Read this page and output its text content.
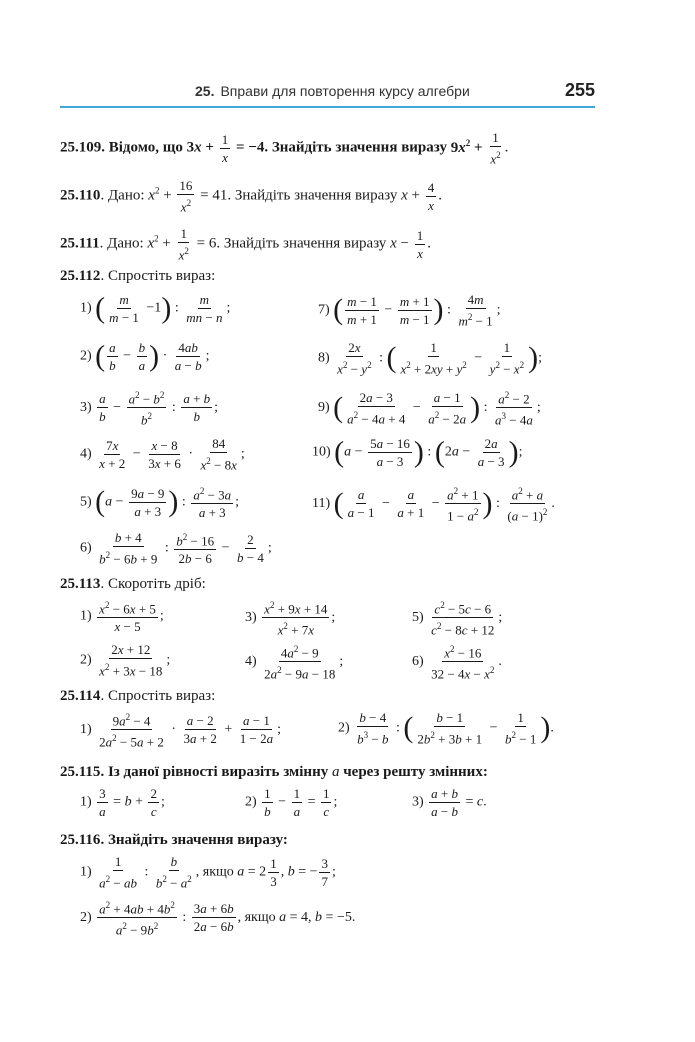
25. Вправи для повторення курсу алгебри	255
25.109. Відомо, що $3x + \frac{1}{x} = -4$. Знайдіть значення виразу $9x^2 + \frac{1}{x^2}$ .
25.110. Дано: $x^2 + \frac{16}{x^2} = 41$. Знайдіть значення виразу $x + \frac{4}{x}$ .
25.111. Дано: $x^2 + \frac{1}{x^2} = 6$. Знайдіть значення виразу $x - \frac{1}{x}$ .
25.112. Спростіть вираз:
1) ( $\frac{m}{m - 1} -1$) : $\frac{m}{mn - n}$ ;	7) ( $\frac{m - 1}{m + 1} - \frac{m + 1}{m - 1}$ ) : $\frac{4m}{m^2 - 1}$ ;
2) ( $\frac{a}{b} - \frac{b}{a}$ ) · $\frac{4ab}{a - b}$ ;	$8) \frac{2x}{x^2 - y^2}$ : ( $\frac{1}{x^2 + 2xy + y^2} - \frac{1}{y^2 - x^2}$ );
$3) \frac{a}{b} - \frac{a^2 - b^2}{b^2}$ : $\frac{a + b}{b}$ ;	9) ( $\frac{2a - 3}{a^2 - 4a + 4} - \frac{a - 1}{a^2 - 2a}$ ) : $\frac{a^2 - 2}{a^3 - 4a}$ ;
$4) \frac{7x}{x + 2} - \frac{x - 8}{3x + 6} \cdot \frac{84}{x^2 - 8x}$ ;	10) ($a - \frac{5a - 16}{a - 3}$ ) : ($2a - \frac{2a}{a - 3}$ );
5) ($a - \frac{9a - 9}{a + 3}$ ) : $\frac{a^2 - 3a}{a + 3}$ ;	11) ( $\frac{a}{a - 1} - \frac{a}{a + 1} - \frac{a^2 + 1}{1 - a^2}$ ) : $\frac{a^2 + a}{(a - 1)^2}$ .
$6) \frac{b + 4}{b^2 - 6b + 9}$ : $\frac{b^2 - 16}{2b - 6} - \frac{2}{b - 4}$ ;
25.113. Скоротіть дріб:
$1) \frac{x^2 - 6x + 5}{x - 5}$ ;	$3) \frac{x^2 + 9x + 14}{x^2 + 7x}$ ;	$5) \frac{c^2 - 5c - 6}{c^2 - 8c + 12}$ ;
$2) \frac{2x + 12}{x^2 + 3x - 18}$ ;	$4) \frac{4a^2 - 9}{2a^2 - 9a - 18}$ ;	$6) \frac{x^2 - 16}{32 - 4x - x^2}$ .
25.114. Спростіть вираз:
$1) \frac{9a^2 - 4}{2a^2 - 5a + 2} \cdot \frac{a - 2}{3a + 2} + \frac{a - 1}{1 - 2a}$ ;	$2) \frac{b - 4}{b^3 - b}$ : ( $\frac{b - 1}{2b^2 + 3b + 1} - \frac{1}{b^2 - 1}$ ).
25.115. Із даної рівності виразіть змінну a через решту змінних:
$1) \frac{3}{a} = b + \frac{2}{c}$ ;	$2) \frac{1}{b} - \frac{1}{a} = \frac{1}{c}$ ;	$3) \frac{a + b}{a - b} = c$.
25.116. Знайдіть значення виразу:
$1) \frac{1}{a^2 - ab}$ : $\frac{b}{b^2 - a^2}$ , якщо $a = 2 \frac{1}{3}$ , b = − $\frac{3}{7}$ ;
$2) \frac{a^2 + 4ab + 4b^2}{a^2 - 9b^2}$ : $\frac{3a + 6b}{2a - 6b}$ , якщо a = 4, b = −5.
